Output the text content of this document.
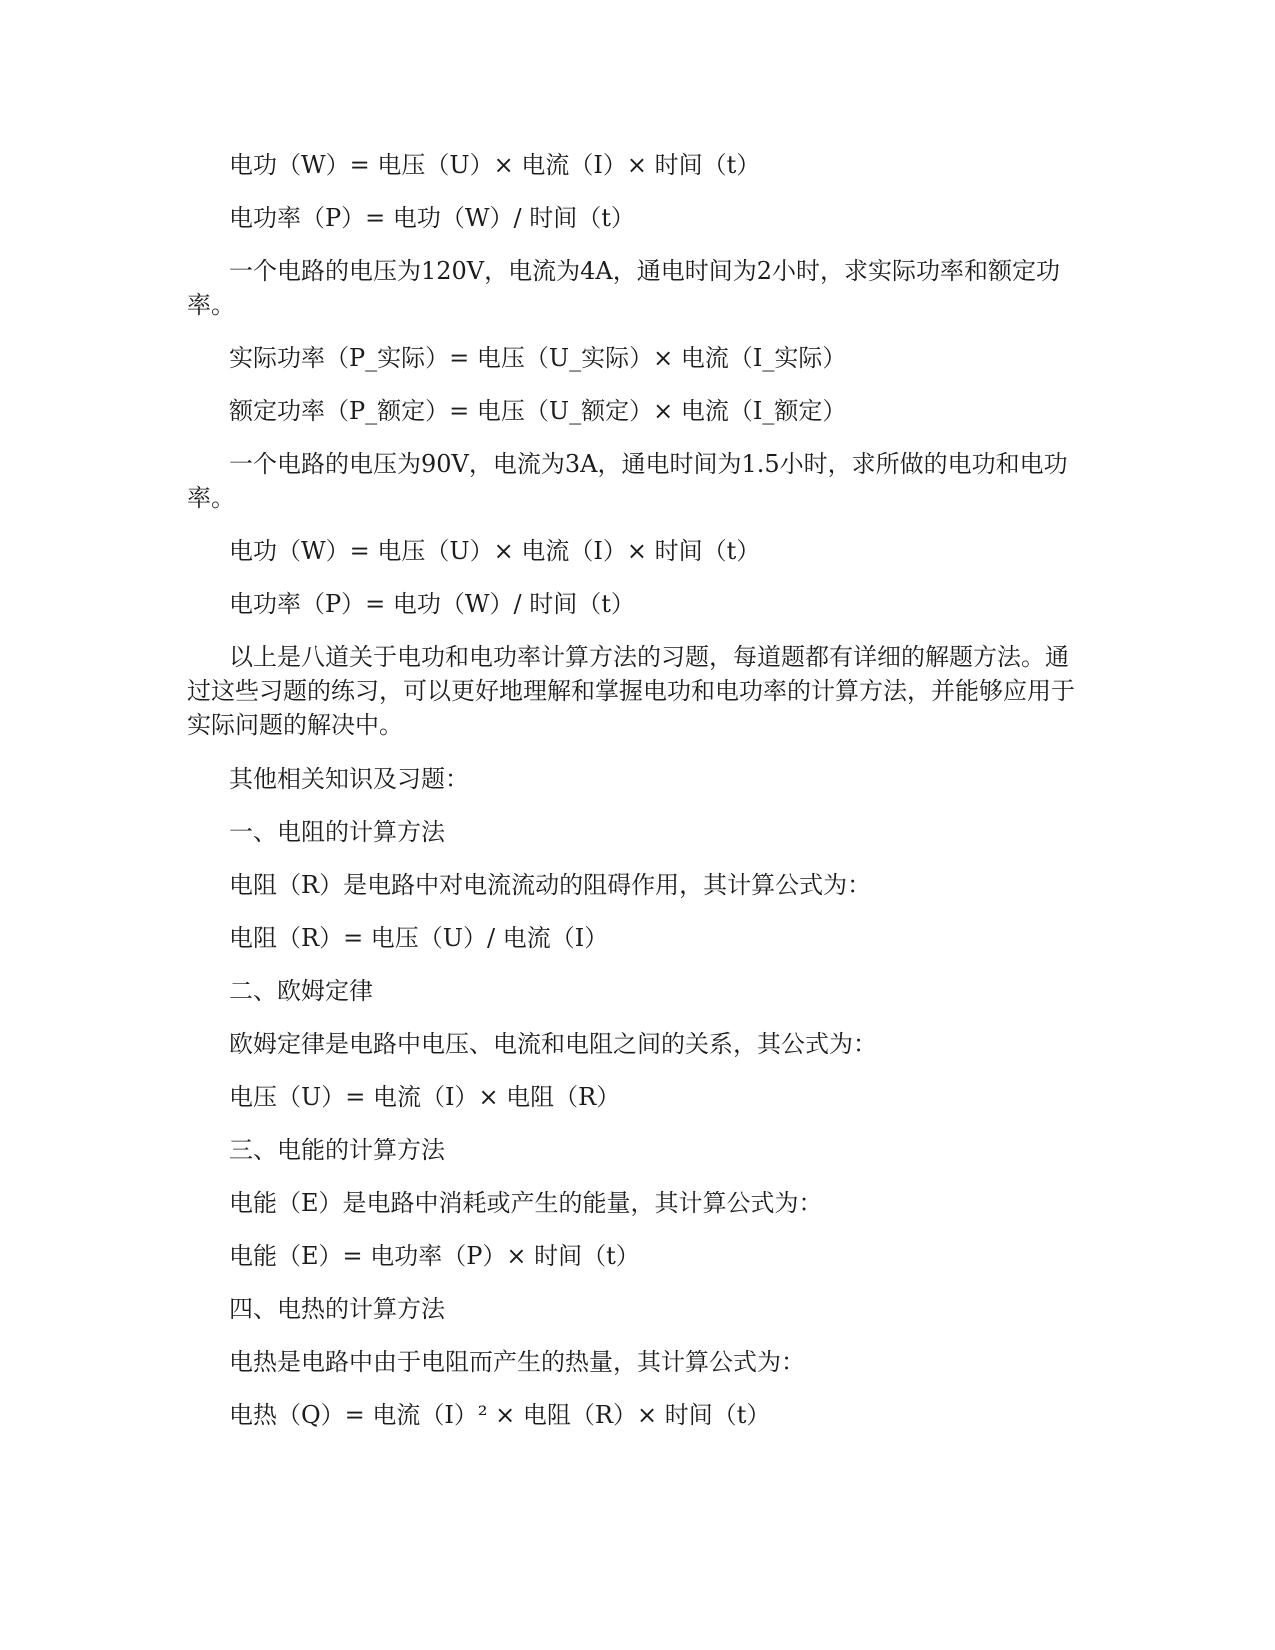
电功（W）= 电压（U）× 电流（I）× 时间（t）

电功率（P）= 电功（W）/ 时间（t）

一个电路的电压为120V，电流为4A，通电时间为2小时，求实际功率和额定功率。

实际功率（P_实际）= 电压（U_实际）× 电流（I_实际）

额定功率（P_额定）= 电压（U_额定）× 电流（I_额定）

一个电路的电压为90V，电流为3A，通电时间为1.5小时，求所做的电功和电功率。

电功（W）= 电压（U）× 电流（I）× 时间（t）

电功率（P）= 电功（W）/ 时间（t）

以上是八道关于电功和电功率计算方法的习题，每道题都有详细的解题方法。通过这些习题的练习，可以更好地理解和掌握电功和电功率的计算方法，并能够应用于实际问题的解决中。

其他相关知识及习题：

一、电阻的计算方法

电阻（R）是电路中对电流流动的阻碍作用，其计算公式为：

电阻（R）= 电压（U）/ 电流（I）

二、欧姆定律

欧姆定律是电路中电压、电流和电阻之间的关系，其公式为：

电压（U）= 电流（I）× 电阻（R）

三、电能的计算方法

电能（E）是电路中消耗或产生的能量，其计算公式为：

电能（E）= 电功率（P）× 时间（t）

四、电热的计算方法

电热是电路中由于电阻而产生的热量，其计算公式为：

电热（Q）= 电流（I）² × 电阻（R）× 时间（t）
